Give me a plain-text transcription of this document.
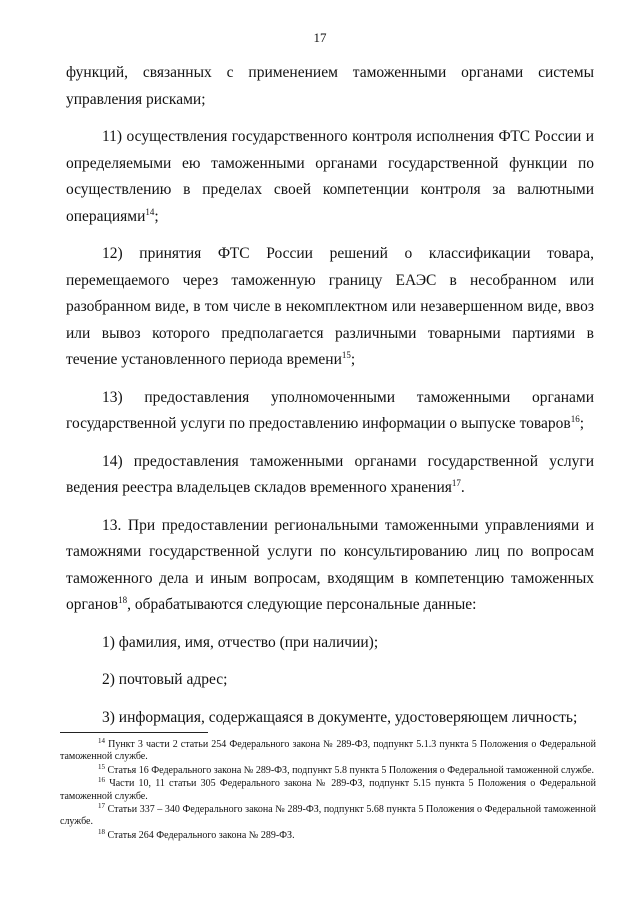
17

функций, связанных с применением таможенными органами системы управления рисками;

11) осуществления государственного контроля исполнения ФТС России и определяемыми ею таможенными органами государственной функции по осуществлению в пределах своей компетенции контроля за валютными операциями$^{14}$;

12) принятия ФТС России решений о классификации товара, перемещаемого через таможенную границу ЕАЭС в несобранном или разобранном виде, в том числе в некомплектном или незавершенном виде, ввоз или вывоз которого предполагается различными товарными партиями в течение установленного периода времени$^{15}$;

13) предоставления уполномоченными таможенными органами государственной услуги по предоставлению информации о выпуске товаров$^{16}$;

14) предоставления таможенными органами государственной услуги ведения реестра владельцев складов временного хранения$^{17}$.

13. При предоставлении региональными таможенными управлениями и таможнями государственной услуги по консультированию лиц по вопросам таможенного дела и иным вопросам, входящим в компетенцию таможенных органов$^{18}$, обрабатываются следующие персональные данные:

1) фамилия, имя, отчество (при наличии);

2) почтовый адрес;

3) информация, содержащаяся в документе, удостоверяющем личность;

$^{14}$ Пункт 3 части 2 статьи 254 Федерального закона № 289-ФЗ, подпункт 5.1.3 пункта 5 Положения о Федеральной таможенной службе.

$^{15}$ Статья 16 Федерального закона № 289-ФЗ, подпункт 5.8 пункта 5 Положения о Федеральной таможенной службе.

$^{16}$ Части 10, 11 статьи 305 Федерального закона № 289-ФЗ, подпункт 5.15 пункта 5 Положения о Федеральной таможенной службе.

$^{17}$ Статьи 337 – 340 Федерального закона № 289-ФЗ, подпункт 5.68 пункта 5 Положения о Федеральной таможенной службе.

$^{18}$ Статья 264 Федерального закона № 289-ФЗ.
